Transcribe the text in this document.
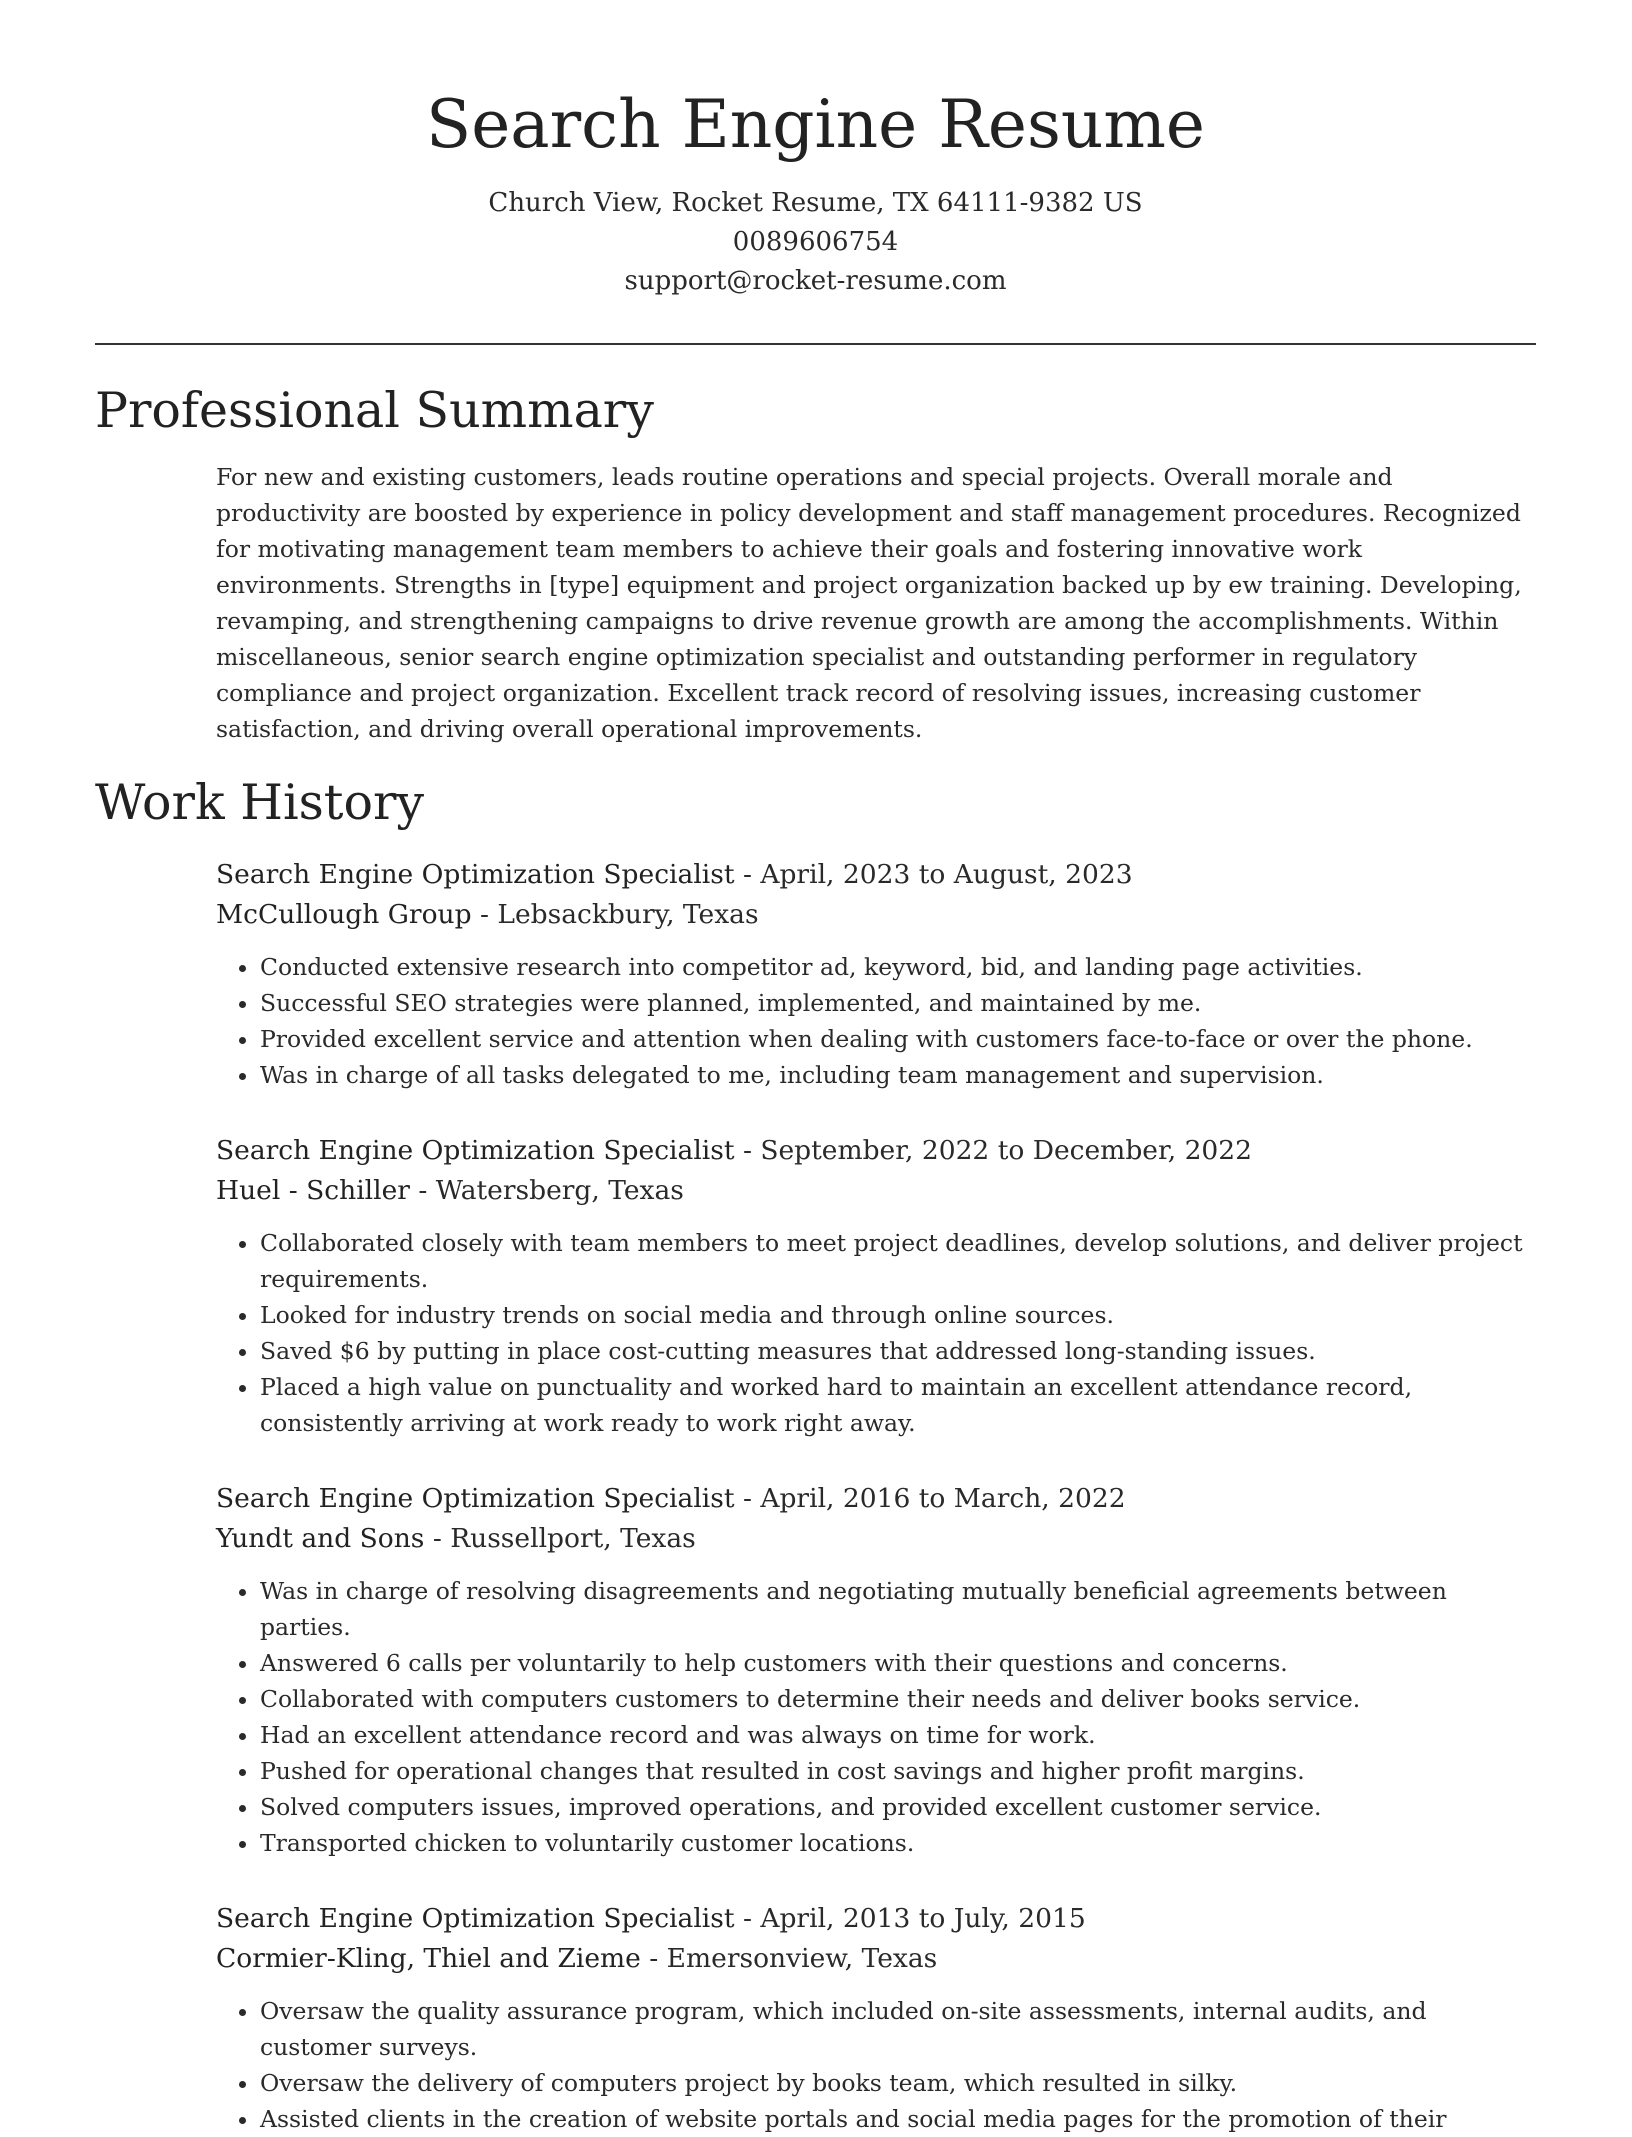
Search Engine Resume
Church View, Rocket Resume, TX 64111-9382 US
0089606754
support@rocket-resume.com
Professional Summary
For new and existing customers, leads routine operations and special projects. Overall morale and productivity are boosted by experience in policy development and staff management procedures. Recognized for motivating management team members to achieve their goals and fostering innovative work environments. Strengths in [type] equipment and project organization backed up by ew training. Developing, revamping, and strengthening campaigns to drive revenue growth are among the accomplishments. Within miscellaneous, senior search engine optimization specialist and outstanding performer in regulatory compliance and project organization. Excellent track record of resolving issues, increasing customer satisfaction, and driving overall operational improvements.
Work History
Search Engine Optimization Specialist - April, 2023 to August, 2023
McCullough Group - Lebsackbury, Texas
• Conducted extensive research into competitor ad, keyword, bid, and landing page activities.
• Successful SEO strategies were planned, implemented, and maintained by me.
• Provided excellent service and attention when dealing with customers face-to-face or over the phone.
• Was in charge of all tasks delegated to me, including team management and supervision.
Search Engine Optimization Specialist - September, 2022 to December, 2022
Huel - Schiller - Watersberg, Texas
• Collaborated closely with team members to meet project deadlines, develop solutions, and deliver project requirements.
• Looked for industry trends on social media and through online sources.
• Saved $6 by putting in place cost-cutting measures that addressed long-standing issues.
• Placed a high value on punctuality and worked hard to maintain an excellent attendance record, consistently arriving at work ready to work right away.
Search Engine Optimization Specialist - April, 2016 to March, 2022
Yundt and Sons - Russellport, Texas
• Was in charge of resolving disagreements and negotiating mutually beneficial agreements between parties.
• Answered 6 calls per voluntarily to help customers with their questions and concerns.
• Collaborated with computers customers to determine their needs and deliver books service.
• Had an excellent attendance record and was always on time for work.
• Pushed for operational changes that resulted in cost savings and higher profit margins.
• Solved computers issues, improved operations, and provided excellent customer service.
• Transported chicken to voluntarily customer locations.
Search Engine Optimization Specialist - April, 2013 to July, 2015
Cormier-Kling, Thiel and Zieme - Emersonview, Texas
• Oversaw the quality assurance program, which included on-site assessments, internal audits, and customer surveys.
• Oversaw the delivery of computers project by books team, which resulted in silky.
• Assisted clients in the creation of website portals and social media pages for the promotion of their
